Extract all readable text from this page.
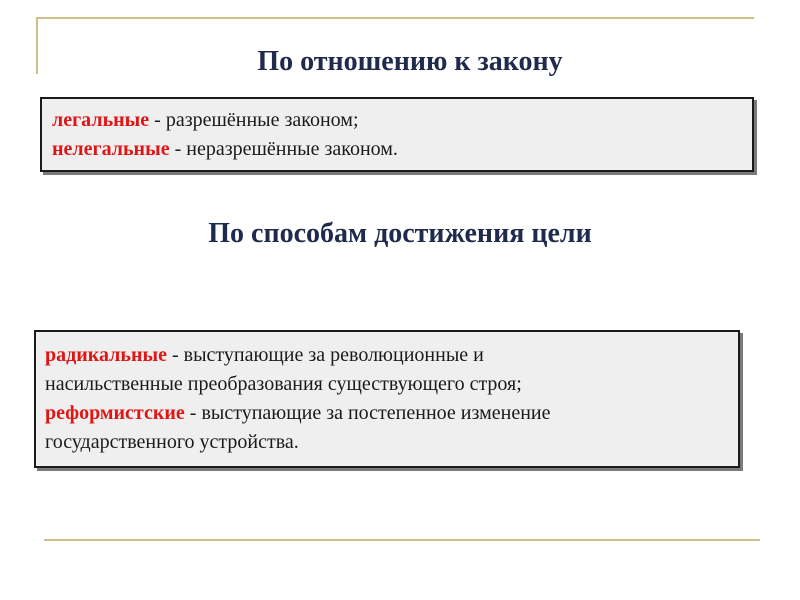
По отношению к закону
легальные - разрешённые законом;
нелегальные - неразрешённые законом.
По способам достижения цели
радикальные - выступающие за революционные и
насильственные преобразования существующего строя;
реформистские - выступающие за постепенное изменение
государственного устройства.
